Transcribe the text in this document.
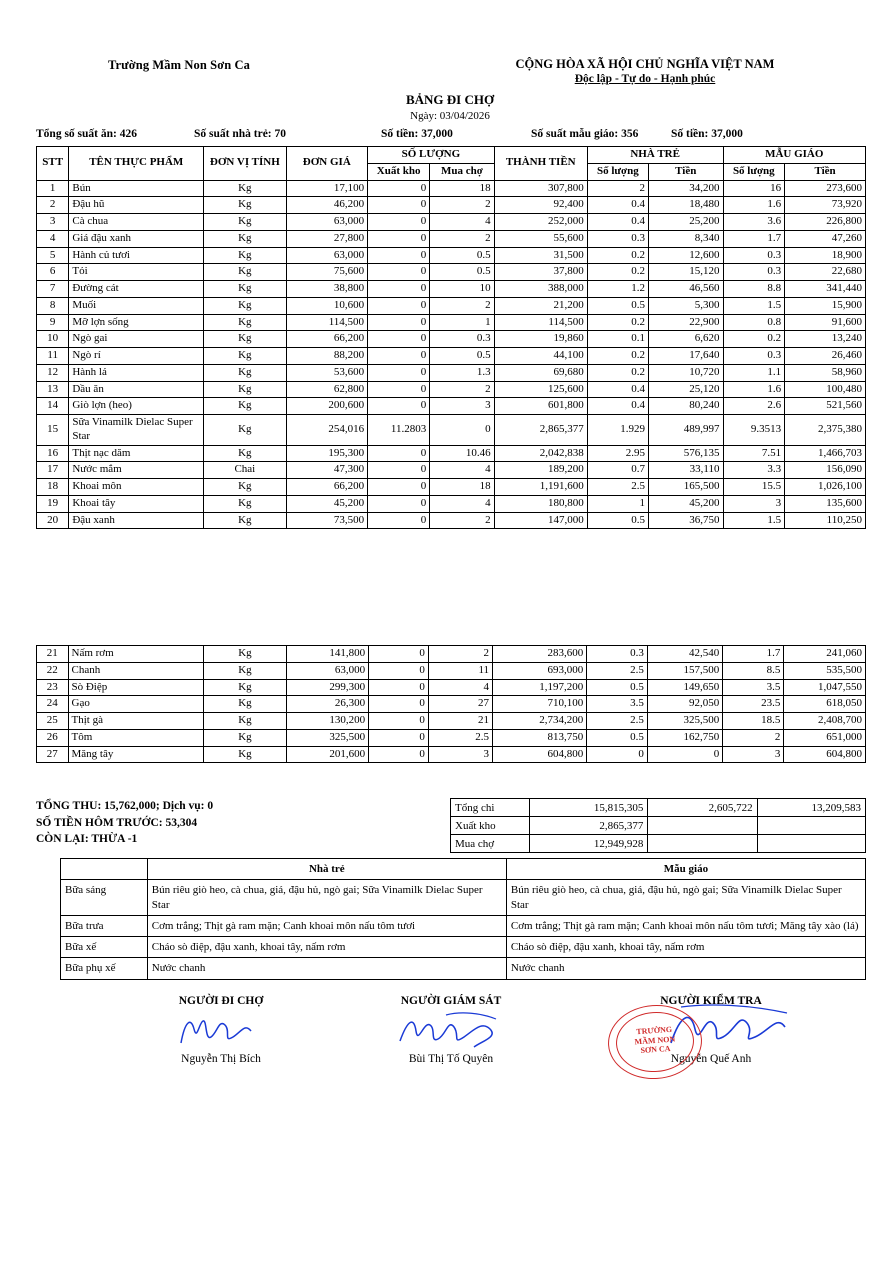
Trường Mầm Non Sơn Ca	CỘNG HÒA XÃ HỘI CHỦ NGHĨA VIỆT NAM
Độc lập - Tự do - Hạnh phúc
BẢNG ĐI CHỢ
Ngày: 03/04/2026
Tổng số suất ăn: 426	Số suất nhà trẻ: 70	Số tiền: 37,000	Số suất mẫu giáo: 356	Số tiền: 37,000
STT	TÊN THỰC PHẨM	ĐƠN VỊ TÍNH	ĐƠN GIÁ	SỐ LƯỢNG		THÀNH TIỀN	NHÀ TRẺ		MẪU GIÁO	
				Xuất kho	Mua chợ		Số lượng	Tiền	Số lượng	Tiền
1	Bún	Kg	17,100	0	18	307,800	2	34,200	16	273,600
2	Đậu hũ	Kg	46,200	0	2	92,400	0.4	18,480	1.6	73,920
3	Cà chua	Kg	63,000	0	4	252,000	0.4	25,200	3.6	226,800
4	Giá đậu xanh	Kg	27,800	0	2	55,600	0.3	8,340	1.7	47,260
5	Hành củ tươi	Kg	63,000	0	0.5	31,500	0.2	12,600	0.3	18,900
6	Tỏi	Kg	75,600	0	0.5	37,800	0.2	15,120	0.3	22,680
7	Đường cát	Kg	38,800	0	10	388,000	1.2	46,560	8.8	341,440
8	Muối	Kg	10,600	0	2	21,200	0.5	5,300	1.5	15,900
9	Mỡ lợn sống	Kg	114,500	0	1	114,500	0.2	22,900	0.8	91,600
10	Ngò gai	Kg	66,200	0	0.3	19,860	0.1	6,620	0.2	13,240
11	Ngò rí	Kg	88,200	0	0.5	44,100	0.2	17,640	0.3	26,460
12	Hành lá	Kg	53,600	0	1.3	69,680	0.2	10,720	1.1	58,960
13	Dầu ăn	Kg	62,800	0	2	125,600	0.4	25,120	1.6	100,480
14	Giò lợn (heo)	Kg	200,600	0	3	601,800	0.4	80,240	2.6	521,560
15	Sữa Vinamilk Dielac Super Star	Kg	254,016	11.2803	0	2,865,377	1.929	489,997	9.3513	2,375,380
16	Thịt nạc dăm	Kg	195,300	0	10.46	2,042,838	2.95	576,135	7.51	1,466,703
17	Nước mắm	Chai	47,300	0	4	189,200	0.7	33,110	3.3	156,090
18	Khoai môn	Kg	66,200	0	18	1,191,600	2.5	165,500	15.5	1,026,100
19	Khoai tây	Kg	45,200	0	4	180,800	1	45,200	3	135,600
20	Đậu xanh	Kg	73,500	0	2	147,000	0.5	36,750	1.5	110,250
21	Nấm rơm	Kg	141,800	0	2	283,600	0.3	42,540	1.7	241,060
22	Chanh	Kg	63,000	0	11	693,000	2.5	157,500	8.5	535,500
23	Sò Điệp	Kg	299,300	0	4	1,197,200	0.5	149,650	3.5	1,047,550
24	Gạo	Kg	26,300	0	27	710,100	3.5	92,050	23.5	618,050
25	Thịt gà	Kg	130,200	0	21	2,734,200	2.5	325,500	18.5	2,408,700
26	Tôm	Kg	325,500	0	2.5	813,750	0.5	162,750	2	651,000
27	Măng tây	Kg	201,600	0	3	604,800	0	0	3	604,800
TỔNG THU: 15,762,000; Dịch vụ: 0
SỐ TIỀN HÔM TRƯỚC: 53,304
CÒN LẠI: THỪA -1
Tổng chi	15,815,305	2,605,722	13,209,583
Xuất kho	2,865,377		
Mua chợ	12,949,928		
	Nhà trẻ	Mẫu giáo
Bữa sáng	Bún riêu giò heo, cà chua, giá, đậu hủ, ngò gai; Sữa Vinamilk Dielac Super Star	Bún riêu giò heo, cà chua, giá, đậu hủ, ngò gai; Sữa Vinamilk Dielac Super Star
Bữa trưa	Cơm trắng; Thịt gà ram mặn; Canh khoai môn nấu tôm tươi	Cơm trắng; Thịt gà ram mặn; Canh khoai môn nấu tôm tươi; Măng tây xào (lá)
Bữa xế	Cháo sò điệp, đậu xanh, khoai tây, nấm rơm	Cháo sò điệp, đậu xanh, khoai tây, nấm rơm
Bữa phụ xế	Nước chanh	Nước chanh
NGƯỜI ĐI CHỢ
Nguyễn Thị Bích
NGƯỜI GIÁM SÁT
Bùi Thị Tố Quyên
NGƯỜI KIỂM TRA
Nguyễn Quế Anh
TRƯỜNG
MẦM NON
SƠN CA
